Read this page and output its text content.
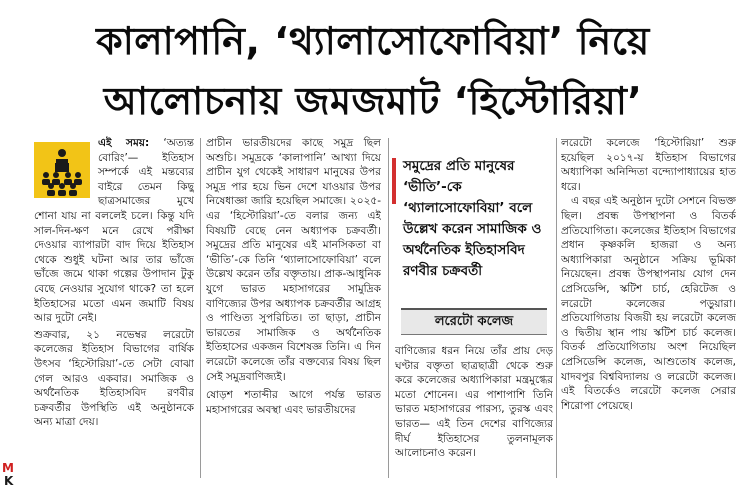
কালাপানি, ‘থ্যালাসোফোবিয়া’ নিয়ে
আলোচনায় জমজমাট ‘হিস্টোরিয়া’

এই সময়: ‘অত্যন্ত বোরিং’— ইতিহাস সম্পর্কে এই মন্তব্যের বাইরে তেমন কিছু ছাত্রসমাজের মুখে শোনা যায় না বললেই চলে। কিন্তু যদি সাল-দিন-ক্ষণ মনে রেখে পরীক্ষা দেওয়ার ব্যাপারটা বাদ দিয়ে ইতিহাস থেকে শুধুই ঘটনা আর তার ভাঁজে ভাঁজে জমে থাকা গল্পের উপাদান টুকু বেছে নেওয়ার সুযোগ থাকে? তা হলে ইতিহাসের মতো এমন জমাটি বিষয় আর দুটো নেই।

শুক্রবার, ২১ নভেম্বর লরেটো কলেজের ইতিহাস বিভাগের বার্ষিক উৎসব ‘হিস্টোরিয়া’-তে সেটা বোঝা গেল আরও একবার। সমাজিক ও অর্থনৈতিক ইতিহাসবিদ রণবীর চক্রবর্তীর উপস্থিতি এই অনুষ্ঠানকে অন্য মাত্রা দেয়।

প্রাচীন ভারতীয়দের কাছে সমুদ্র ছিল অশুচি। সমুদ্রকে ‘কালাপানি’ আখ্যা দিয়ে প্রাচীন যুগ থেকেই সাধারণ মানুষের উপর সমুদ্র পার হয়ে ভিন দেশে যাওয়ার উপর নিষেধাজ্ঞা জারি হয়েছিল সমাজে। ২০২৫-এর ‘হিস্টোরিয়া’-তে বলার জন্য এই বিষয়টি বেছে নেন অধ্যাপক চক্রবর্তী। সমুদ্রের প্রতি মানুষের এই মানসিকতা বা ‘ভীতি’-কে তিনি ‘থ্যালাসোফোবিয়া’ বলে উল্লেখ করেন তাঁর বক্তৃতায়। প্রাক-আধুনিক যুগে ভারত মহাসাগরের সামুদ্রিক বাণিজ্যের উপর অধ্যাপক চক্রবর্তীর আগ্রহ ও পাণ্ডিত্য সুপরিচিত। তা ছাড়া, প্রাচীন ভারতের সামাজিক ও অর্থনৈতিক ইতিহাসের একজন বিশেষজ্ঞ তিনি। এ দিন লরেটো কলেজে তাঁর বক্তব্যের বিষয় ছিল সেই সমুদ্রবাণিজ্যই।

ষোড়শ শতাব্দীর আগে পর্যন্ত ভারত মহাসাগরের অবস্থা এবং ভারতীয়দের

সমুদ্রের প্রতি মানুষের ‘ভীতি’-কে ‘থ্যালাসোফোবিয়া’ বলে উল্লেখ করেন সামাজিক ও অর্থনৈতিক ইতিহাসবিদ
রণবীর চক্রবর্তী
লরেটো কলেজ

বাণিজ্যের ধরন নিয়ে তাঁর প্রায় দেড় ঘণ্টার বক্তৃতা ছাত্রছাত্রী থেকে শুরু করে কলেজের অধ্যাপিকারা মন্ত্রমুগ্ধের মতো শোনেন। এর পাশাপাশি তিনি ভারত মহাসাগরের পারস্য, তুরস্ক এবং ভারত— এই তিন দেশের বাণিজ্যের দীর্ঘ ইতিহাসের তুলনামূলক আলোচনাও করেন।

লরেটো কলেজে ‘হিস্টোরিয়া’ শুরু হয়েছিল ২০১৭-য় ইতিহাস বিভাগের অধ্যাপিকা অনিন্দিতা বন্দ্যোপাধ্যায়ের হাত ধরে।

এ বছর এই অনুষ্ঠান দুটো সেশনে বিভক্ত ছিল। প্রবন্ধ উপস্থাপনা ও বিতর্ক প্রতিযোগিতা। কলেজের ইতিহাস বিভাগের প্রধান কৃষ্ণকলি হাজরা ও অন্য অধ্যাপিকারা অনুষ্ঠানে সক্রিয় ভূমিকা নিয়েছেন। প্রবন্ধ উপস্থাপনায় যোগ দেন প্রেসিডেন্সি, স্কটিশ চার্চ, হেরিটেজ ও লরেটো কলেজের পড়ুয়ারা। প্রতিযোগিতায় বিজয়ী হয় লরেটো কলেজ ও দ্বিতীয় স্থান পায় স্কটিশ চার্চ কলেজ। বিতর্ক প্রতিযোগিতায় অংশ নিয়েছিল প্রেসিডেন্সি কলেজ, আশুতোষ কলেজ, যাদবপুর বিশ্ববিদ্যালয় ও লরেটো কলেজ। এই বিতর্কেও লরেটো কলেজ সেরার শিরোপা পেয়েছে।

M
K
